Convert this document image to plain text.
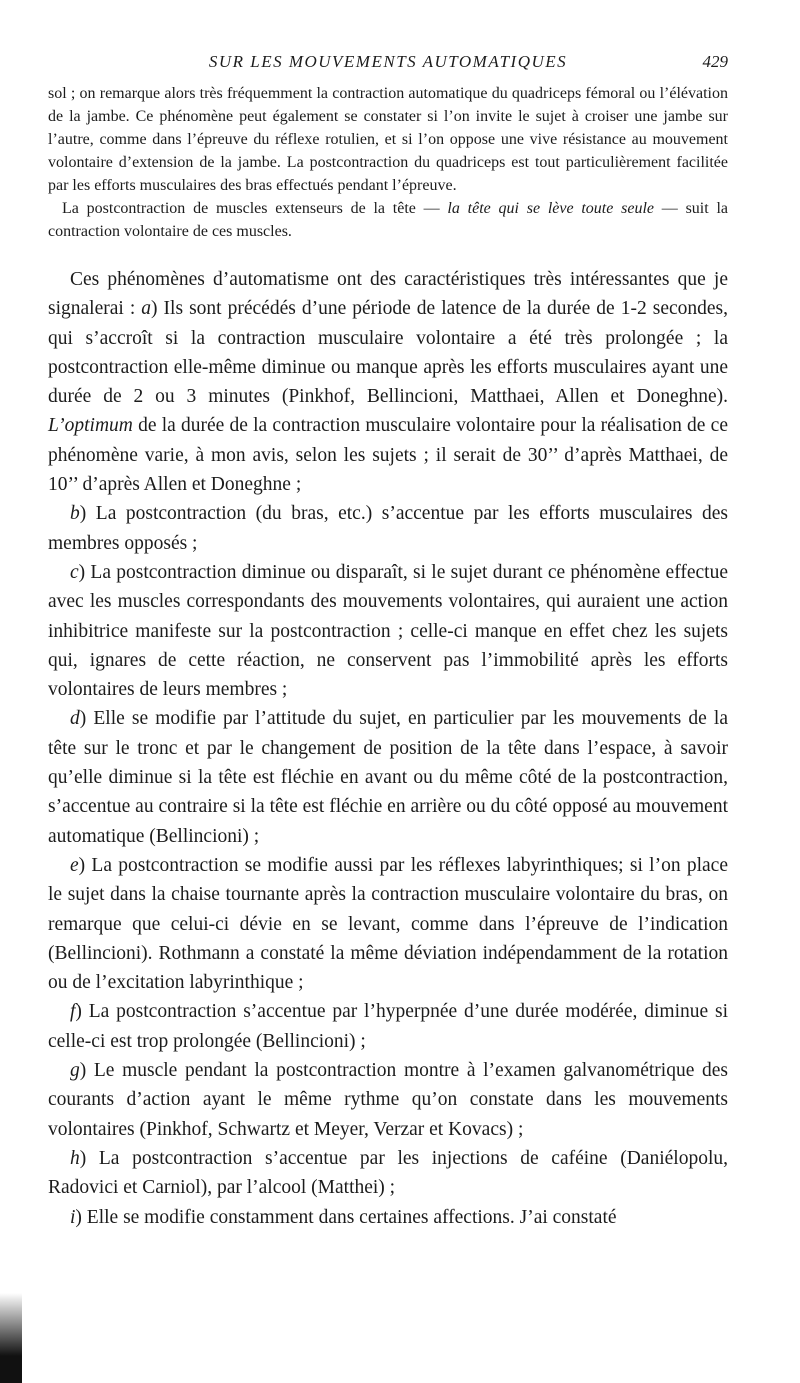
SUR LES MOUVEMENTS AUTOMATIQUES	429

sol ; on remarque alors très fréquemment la contraction automatique du quadriceps fémoral ou l’élévation de la jambe. Ce phénomène peut également se constater si l’on invite le sujet à croiser une jambe sur l’autre, comme dans l’épreuve du réflexe rotulien, et si l’on oppose une vive résistance au mouvement volontaire d’extension de la jambe. La postcontraction du quadriceps est tout particulièrement facilitée par les efforts musculaires des bras effectués pendant l’épreuve.

La postcontraction de muscles extenseurs de la tête — la tête qui se lève toute seule — suit la contraction volontaire de ces muscles.

Ces phénomènes d’automatisme ont des caractéristiques très intéressantes que je signalerai : a) Ils sont précédés d’une période de latence de la durée de 1-2 secondes, qui s’accroît si la contraction musculaire volontaire a été très prolongée ; la postcontraction elle-même diminue ou manque après les efforts musculaires ayant une durée de 2 ou 3 minutes (Pinkhof, Bellincioni, Matthaei, Allen et Doneghne). L’optimum de la durée de la contraction musculaire volontaire pour la réalisation de ce phénomène varie, à mon avis, selon les sujets ; il serait de 30’’ d’après Matthaei, de 10’’ d’après Allen et Doneghne ;

b) La postcontraction (du bras, etc.) s’accentue par les efforts musculaires des membres opposés ;

c) La postcontraction diminue ou disparaît, si le sujet durant ce phénomène effectue avec les muscles correspondants des mouvements volontaires, qui auraient une action inhibitrice manifeste sur la postcontraction ; celle-ci manque en effet chez les sujets qui, ignares de cette réaction, ne conservent pas l’immobilité après les efforts volontaires de leurs membres ;

d) Elle se modifie par l’attitude du sujet, en particulier par les mouvements de la tête sur le tronc et par le changement de position de la tête dans l’espace, à savoir qu’elle diminue si la tête est fléchie en avant ou du même côté de la postcontraction, s’accentue au contraire si la tête est fléchie en arrière ou du côté opposé au mouvement automatique (Bellincioni) ;

e) La postcontraction se modifie aussi par les réflexes labyrinthiques; si l’on place le sujet dans la chaise tournante après la contraction musculaire volontaire du bras, on remarque que celui-ci dévie en se levant, comme dans l’épreuve de l’indication (Bellincioni). Rothmann a constaté la même déviation indépendamment de la rotation ou de l’excitation labyrinthique ;

f) La postcontraction s’accentue par l’hyperpnée d’une durée modérée, diminue si celle-ci est trop prolongée (Bellincioni) ;

g) Le muscle pendant la postcontraction montre à l’examen galvanométrique des courants d’action ayant le même rythme qu’on constate dans les mouvements volontaires (Pinkhof, Schwartz et Meyer, Verzar et Kovacs) ;

h) La postcontraction s’accentue par les injections de caféine (Daniélopolu, Radovici et Carniol), par l’alcool (Matthei) ;

i) Elle se modifie constamment dans certaines affections. J’ai constaté
